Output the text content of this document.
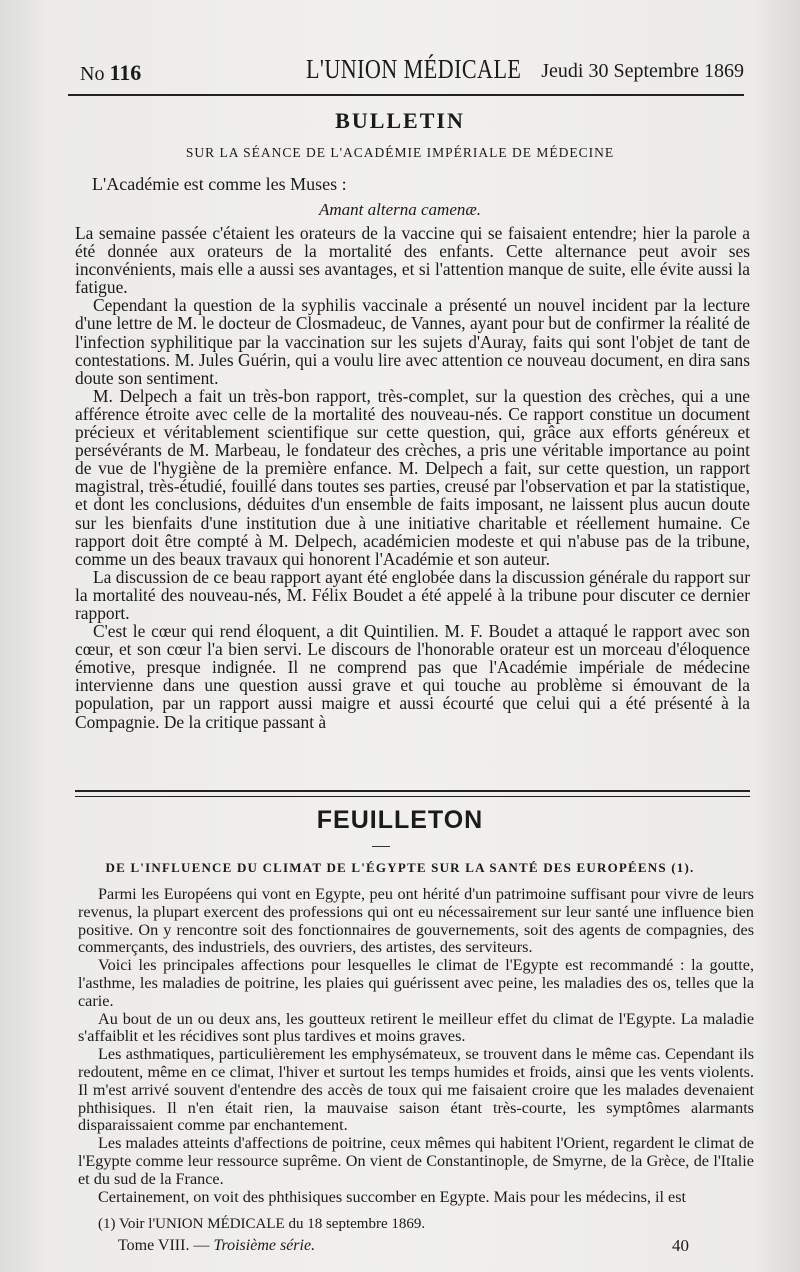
No 116	L'UNION MÉDICALE Jeudi 30 Septembre 1869
BULLETIN
SUR LA SÉANCE DE L'ACADÉMIE IMPÉRIALE DE MÉDECINE
L'Académie est comme les Muses :
Amant alterna camenæ.

La semaine passée c'étaient les orateurs de la vaccine qui se faisaient entendre; hier la parole a été donnée aux orateurs de la mortalité des enfants. Cette alternance peut avoir ses inconvénients, mais elle a aussi ses avantages, et si l'attention manque de suite, elle évite aussi la fatigue.

Cependant la question de la syphilis vaccinale a présenté un nouvel incident par la lecture d'une lettre de M. le docteur de Closmadeuc, de Vannes, ayant pour but de confirmer la réalité de l'infection syphilitique par la vaccination sur les sujets d'Auray, faits qui sont l'objet de tant de contestations. M. Jules Guérin, qui a voulu lire avec attention ce nouveau document, en dira sans doute son sentiment.

M. Delpech a fait un très-bon rapport, très-complet, sur la question des crèches, qui a une afférence étroite avec celle de la mortalité des nouveau-nés. Ce rapport constitue un document précieux et véritablement scientifique sur cette question, qui, grâce aux efforts généreux et persévérants de M. Marbeau, le fondateur des crèches, a pris une véritable importance au point de vue de l'hygiène de la première enfance. M. Delpech a fait, sur cette question, un rapport magistral, très-étudié, fouillé dans toutes ses parties, creusé par l'observation et par la statistique, et dont les conclusions, déduites d'un ensemble de faits imposant, ne laissent plus aucun doute sur les bienfaits d'une institution due à une initiative charitable et réellement humaine. Ce rapport doit être compté à M. Delpech, académicien modeste et qui n'abuse pas de la tribune, comme un des beaux travaux qui honorent l'Académie et son auteur.

La discussion de ce beau rapport ayant été englobée dans la discussion générale du rapport sur la mortalité des nouveau-nés, M. Félix Boudet a été appelé à la tribune pour discuter ce dernier rapport.

C'est le cœur qui rend éloquent, a dit Quintilien. M. F. Boudet a attaqué le rapport avec son cœur, et son cœur l'a bien servi. Le discours de l'honorable orateur est un morceau d'éloquence émotive, presque indignée. Il ne comprend pas que l'Académie impériale de médecine intervienne dans une question aussi grave et qui touche au problème si émouvant de la population, par un rapport aussi maigre et aussi écourté que celui qui a été présenté à la Compagnie. De la critique passant à

FEUILLETON
DE L'INFLUENCE DU CLIMAT DE L'ÉGYPTE SUR LA SANTÉ DES EUROPÉENS (1).

Parmi les Européens qui vont en Egypte, peu ont hérité d'un patrimoine suffisant pour vivre de leurs revenus, la plupart exercent des professions qui ont eu nécessairement sur leur santé une influence bien positive. On y rencontre soit des fonctionnaires de gouvernements, soit des agents de compagnies, des commerçants, des industriels, des ouvriers, des artistes, des serviteurs.

Voici les principales affections pour lesquelles le climat de l'Egypte est recommandé : la goutte, l'asthme, les maladies de poitrine, les plaies qui guérissent avec peine, les maladies des os, telles que la carie.

Au bout de un ou deux ans, les goutteux retirent le meilleur effet du climat de l'Egypte. La maladie s'affaiblit et les récidives sont plus tardives et moins graves.

Les asthmatiques, particulièrement les emphysémateux, se trouvent dans le même cas. Cependant ils redoutent, même en ce climat, l'hiver et surtout les temps humides et froids, ainsi que les vents violents. Il m'est arrivé souvent d'entendre des accès de toux qui me faisaient croire que les malades devenaient phthisiques. Il n'en était rien, la mauvaise saison étant très-courte, les symptômes alarmants disparaissaient comme par enchantement.

Les malades atteints d'affections de poitrine, ceux mêmes qui habitent l'Orient, regardent le climat de l'Egypte comme leur ressource suprême. On vient de Constantinople, de Smyrne, de la Grèce, de l'Italie et du sud de la France.

Certainement, on voit des phthisiques succomber en Egypte. Mais pour les médecins, il est

(1) Voir l'UNION MÉDICALE du 18 septembre 1869.
Tome VIII. — Troisième série.	40
